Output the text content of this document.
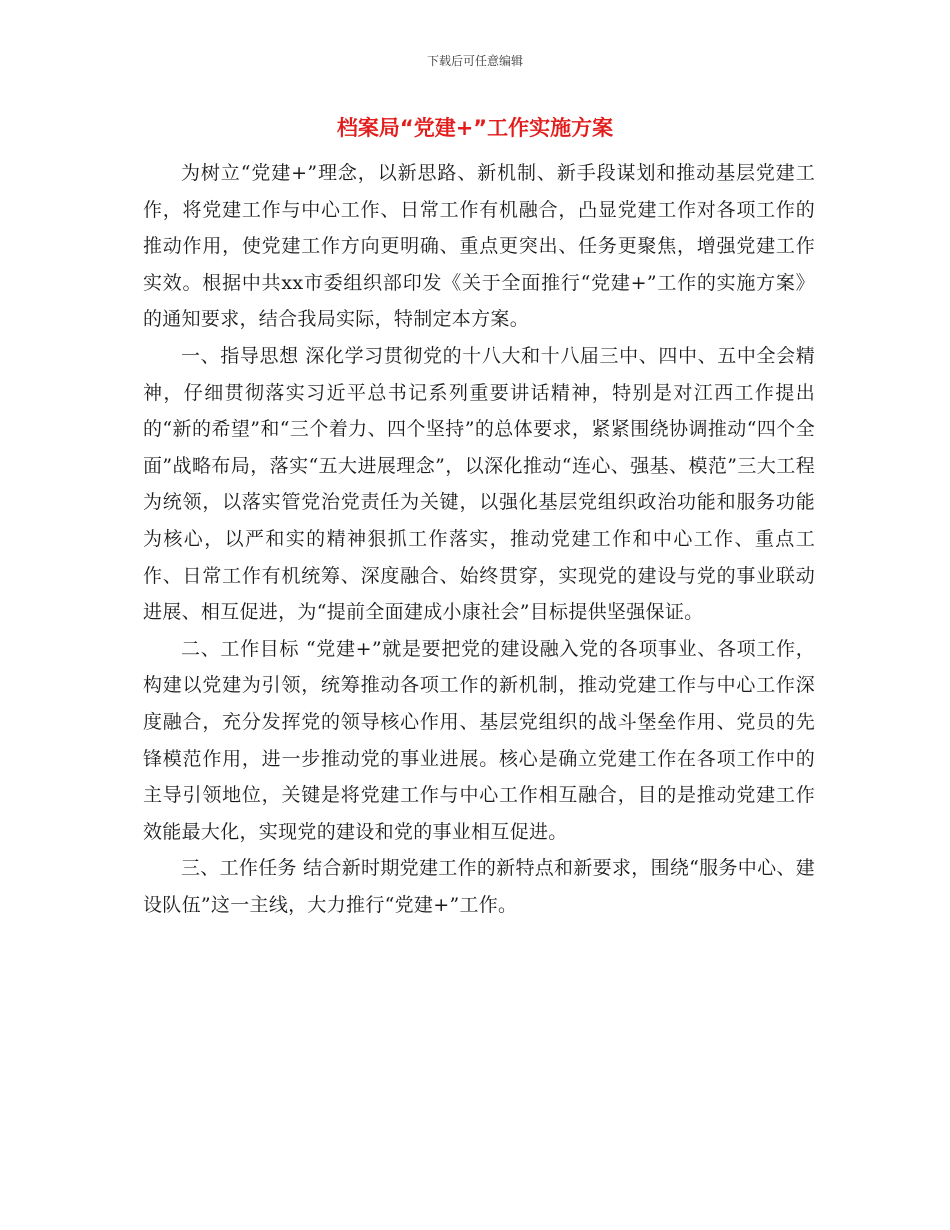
下载后可任意编辑
档案局“党建+”工作实施方案

为树立“党建+”理念，以新思路、新机制、新手段谋划和推动基层党建工作，将党建工作与中心工作、日常工作有机融合，凸显党建工作对各项工作的推动作用，使党建工作方向更明确、重点更突出、任务更聚焦，增强党建工作实效。根据中共xx市委组织部印发《关于全面推行“党建+”工作的实施方案》的通知要求，结合我局实际，特制定本方案。

一、指导思想 深化学习贯彻党的十八大和十八届三中、四中、五中全会精神，仔细贯彻落实习近平总书记系列重要讲话精神，特别是对江西工作提出的“新的希望”和“三个着力、四个坚持”的总体要求，紧紧围绕协调推动“四个全面”战略布局，落实“五大进展理念”，以深化推动“连心、强基、模范”三大工程为统领，以落实管党治党责任为关键，以强化基层党组织政治功能和服务功能为核心，以严和实的精神狠抓工作落实，推动党建工作和中心工作、重点工作、日常工作有机统筹、深度融合、始终贯穿，实现党的建设与党的事业联动进展、相互促进，为“提前全面建成小康社会”目标提供坚强保证。

二、工作目标 “党建+”就是要把党的建设融入党的各项事业、各项工作，构建以党建为引领，统筹推动各项工作的新机制，推动党建工作与中心工作深度融合，充分发挥党的领导核心作用、基层党组织的战斗堡垒作用、党员的先锋模范作用，进一步推动党的事业进展。核心是确立党建工作在各项工作中的主导引领地位，关键是将党建工作与中心工作相互融合，目的是推动党建工作效能最大化，实现党的建设和党的事业相互促进。

三、工作任务 结合新时期党建工作的新特点和新要求，围绕“服务中心、建设队伍”这一主线，大力推行“党建+”工作。
